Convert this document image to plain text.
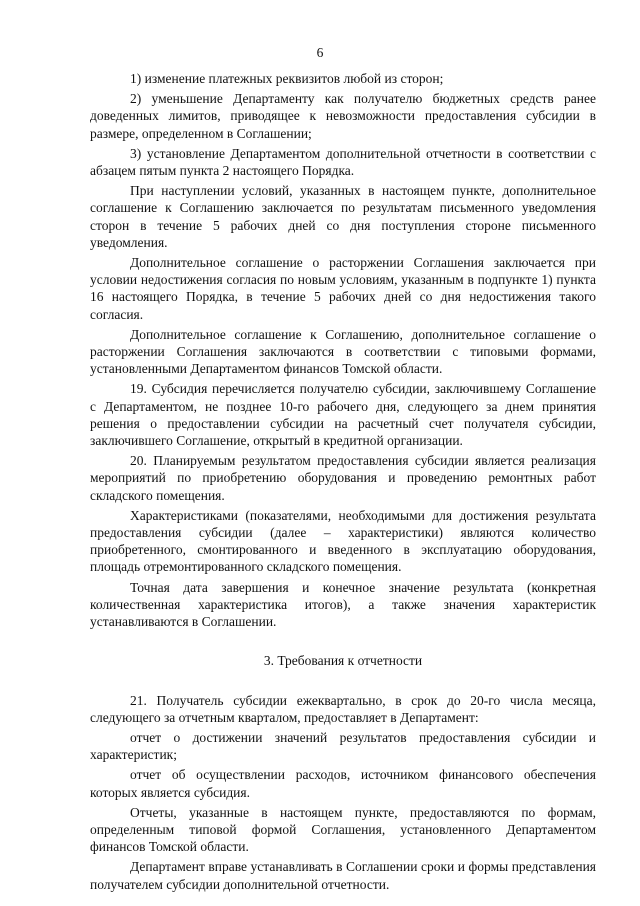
6

1) изменение платежных реквизитов любой из сторон;

2) уменьшение Департаменту как получателю бюджетных средств ранее доведенных лимитов, приводящее к невозможности предоставления субсидии в размере, определенном в Соглашении;

3) установление Департаментом дополнительной отчетности в соответствии с абзацем пятым пункта 2 настоящего Порядка.

При наступлении условий, указанных в настоящем пункте, дополнительное соглашение к Соглашению заключается по результатам письменного уведомления сторон в течение 5 рабочих дней со дня поступления стороне письменного уведомления.

Дополнительное соглашение о расторжении Соглашения заключается при условии недостижения согласия по новым условиям, указанным в подпункте 1) пункта 16 настоящего Порядка, в течение 5 рабочих дней со дня недостижения такого согласия.

Дополнительное соглашение к Соглашению, дополнительное соглашение о расторжении Соглашения заключаются в соответствии с типовыми формами, установленными Департаментом финансов Томской области.

19. Субсидия перечисляется получателю субсидии, заключившему Соглашение с Департаментом, не позднее 10-го рабочего дня, следующего за днем принятия решения о предоставлении субсидии на расчетный счет получателя субсидии, заключившего Соглашение, открытый в кредитной организации.

20. Планируемым результатом предоставления субсидии является реализация мероприятий по приобретению оборудования и проведению ремонтных работ складского помещения.

Характеристиками (показателями, необходимыми для достижения результата предоставления субсидии (далее – характеристики) являются количество приобретенного, смонтированного и введенного в эксплуатацию оборудования, площадь отремонтированного складского помещения.

Точная дата завершения и конечное значение результата (конкретная количественная характеристика итогов), а также значения характеристик устанавливаются в Соглашении.

3. Требования к отчетности

21. Получатель субсидии ежеквартально, в срок до 20-го числа месяца, следующего за отчетным кварталом, предоставляет в Департамент:

отчет о достижении значений результатов предоставления субсидии и характеристик;

отчет об осуществлении расходов, источником финансового обеспечения которых является субсидия.

Отчеты, указанные в настоящем пункте, предоставляются по формам, определенным типовой формой Соглашения, установленного Департаментом финансов Томской области.

Департамент вправе устанавливать в Соглашении сроки и формы представления получателем субсидии дополнительной отчетности.
